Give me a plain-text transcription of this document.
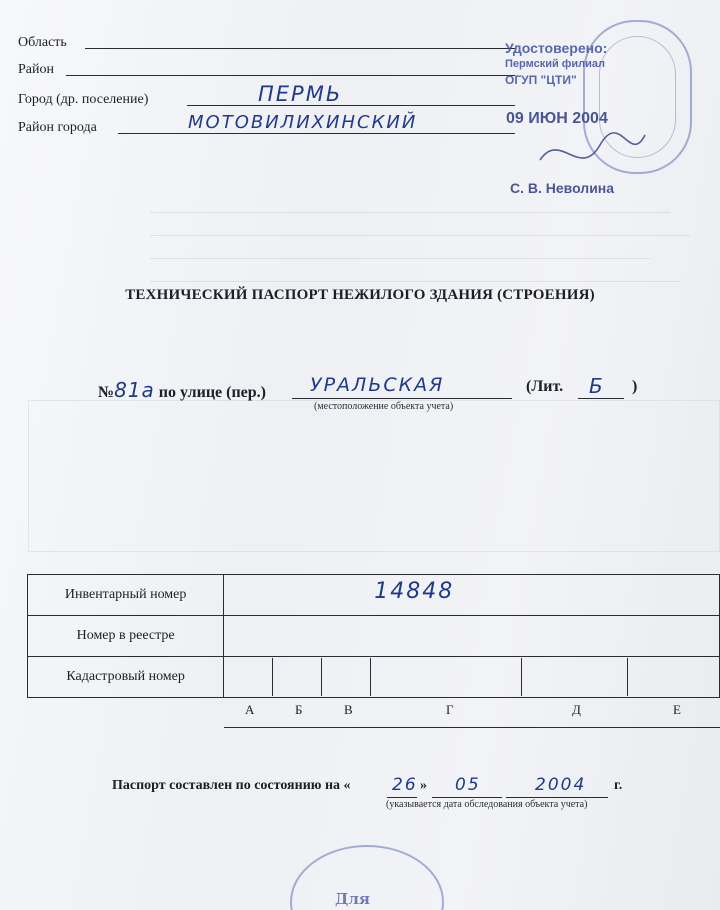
Область
Район
Город (др. поселение)	ПЕРМЬ
Район города	МОТОВИЛИХИНСКИЙ
Удостоверено:
Пермский филиал
ОГУП "ЦТИ"
09 ИЮН 2004
С. В. Неволина
ТЕХНИЧЕСКИЙ ПАСПОРТ НЕЖИЛОГО ЗДАНИЯ (СТРОЕНИЯ)
№81а по улице (пер.) УРАЛЬСКАЯ
(местоположение объекта учета)
(Лит. Б )
Инвентарный номер	14848

Номер в реестре	
Кадастровый номер	
А	Б	В	Г	Д	Е
Паспорт составлен по состоянию на « 26 » 05	2004 г.
(указывается дата обследования объекта учета)
Для
